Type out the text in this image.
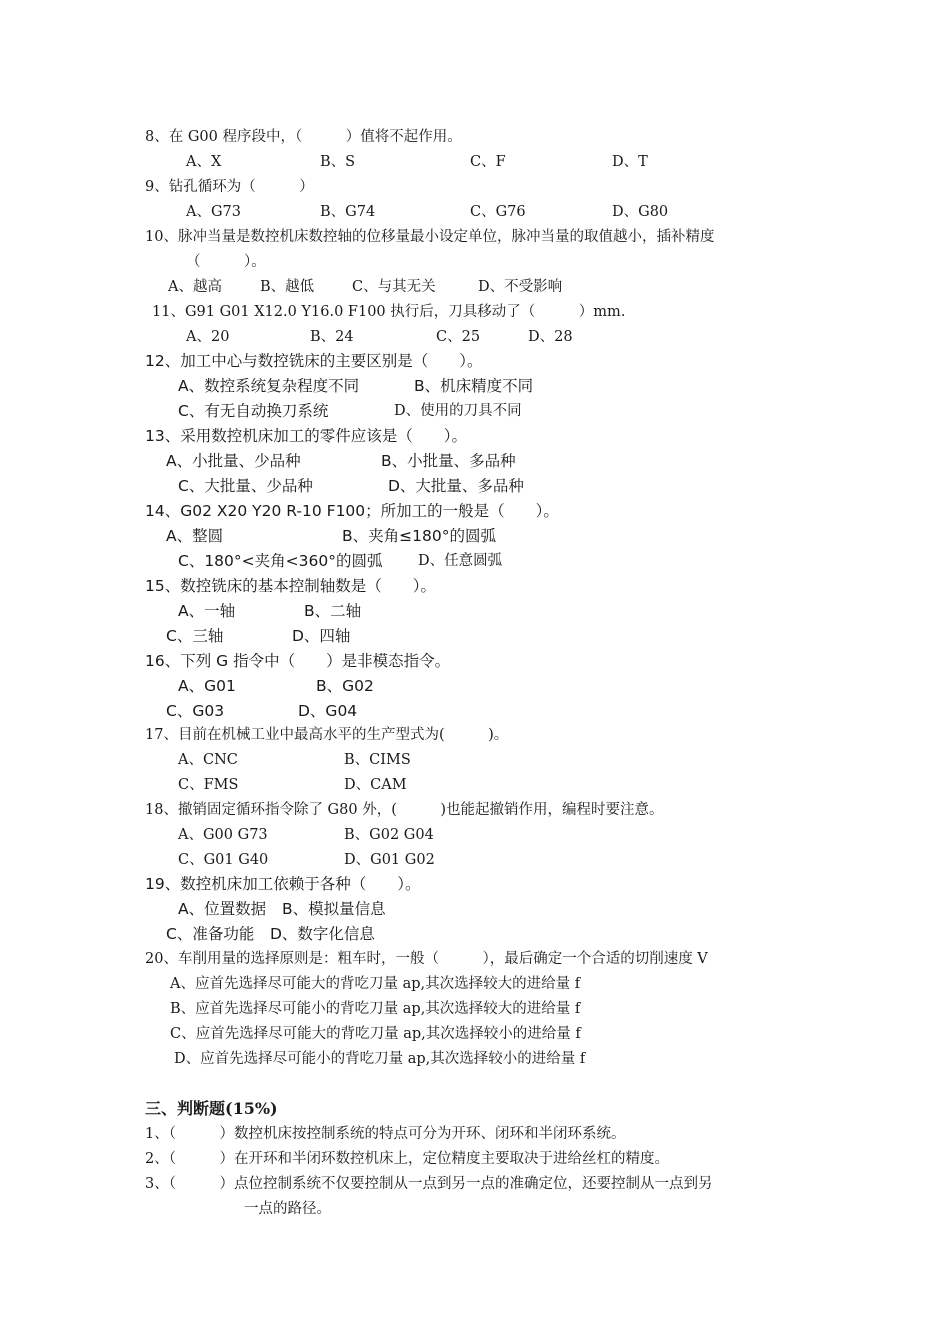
8、在 G00 程序段中，（　　　）值将不起作用。
A、X	B、S	C、F	D、T
9、钻孔循环为（　　　）
A、G73	B、G74	C、G76	D、G80
10、脉冲当量是数控机床数控轴的位移量最小设定单位，脉冲当量的取值越小，插补精度
（　　　）。
A、越高	B、越低	C、与其无关	D、不受影响
11、G91 G01 X12.0 Y16.0 F100 执行后，刀具移动了（　　　）mm.
A、20	B、24	C、25	D、28
12、加工中心与数控铣床的主要区别是（　　）。
A、数控系统复杂程度不同	B、机床精度不同
C、有无自动换刀系统	D、使用的刀具不同
13、采用数控机床加工的零件应该是（　　）。
A、小批量、少品种	B、小批量、多品种
C、大批量、少品种	D、大批量、多品种
14、G02 X20 Y20 R-10 F100；所加工的一般是（　　）。
A、整圆	B、夹角≤180°的圆弧
C、180°<夹角<360°的圆弧 D、任意圆弧
15、数控铣床的基本控制轴数是（　　）。
A、一轴	B、二轴
C、三轴	D、四轴
16、下列 G 指令中（　　）是非模态指令。
A、G01	B、G02
C、G03	D、G04
17、目前在机械工业中最高水平的生产型式为(　　　)。
A、CNC	B、CIMS
C、FMS	D、CAM
18、撤销固定循环指令除了 G80 外，(　　　)也能起撤销作用，编程时要注意。
A、G00 G73	B、G02 G04
C、G01 G40	D、G01 G02
19、数控机床加工依赖于各种（　　）。
A、位置数据 B、模拟量信息
C、准备功能 D、数字化信息
20、车削用量的选择原则是：粗车时，一般（　　　），最后确定一个合适的切削速度 V
A、应首先选择尽可能大的背吃刀量 ap,其次选择较大的进给量 f
B、应首先选择尽可能小的背吃刀量 ap,其次选择较大的进给量 f
C、应首先选择尽可能大的背吃刀量 ap,其次选择较小的进给量 f
D、应首先选择尽可能小的背吃刀量 ap,其次选择较小的进给量 f
三、判断题(15%)
1、（　　　）数控机床按控制系统的特点可分为开环、闭环和半闭环系统。
2、（　　　）在开环和半闭环数控机床上，定位精度主要取决于进给丝杠的精度。
3、（　　　）点位控制系统不仅要控制从一点到另一点的准确定位，还要控制从一点到另
一点的路径。
